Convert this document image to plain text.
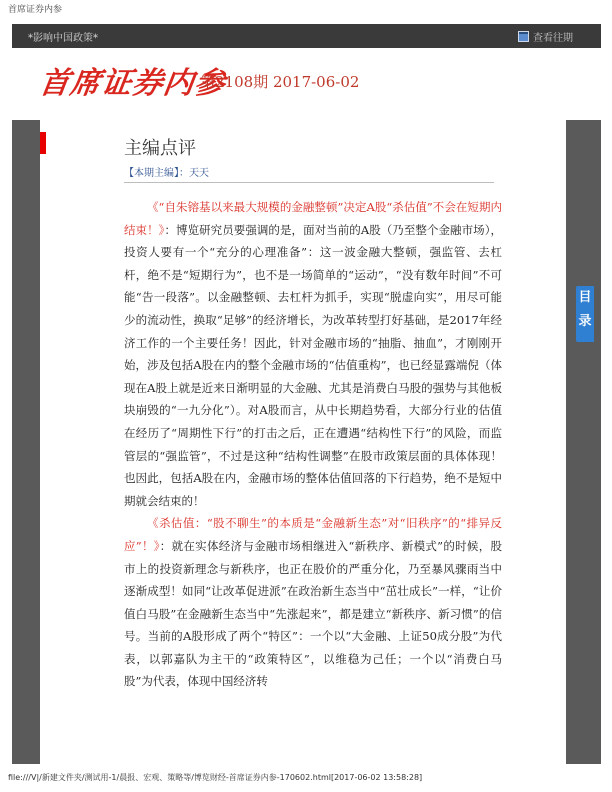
首席证券内参
*影响中国政策*	查看往期
首席证券内参
第2108期 2017-06-02
主编点评
【本期主编】：天天

《“自朱镕基以来最大规模的金融整顿”决定A股“杀估值”不会在短期内结束！》：博览研究员要强调的是，面对当前的A股（乃至整个金融市场），投资人要有一个“充分的心理准备”：这一波金融大整顿，强监管、去杠杆，绝不是“短期行为”，也不是一场简单的“运动”，“没有数年时间”不可能“告一段落”。以金融整顿、去杠杆为抓手，实现“脱虚向实”，用尽可能少的流动性，换取“足够”的经济增长，为改革转型打好基础，是2017年经济工作的一个主要任务！因此，针对金融市场的“抽脂、抽血”，才刚刚开始，涉及包括A股在内的整个金融市场的“估值重构”，也已经显露端倪（体现在A股上就是近来日渐明显的大金融、尤其是消费白马股的强势与其他板块崩毁的“一九分化”）。对A股而言，从中长期趋势看，大部分行业的估值在经历了“周期性下行”的打击之后，正在遭遇“结构性下行”的风险，而监管层的“强监管”，不过是这种“结构性调整”在股市政策层面的具体体现！也因此，包括A股在内，金融市场的整体估值回落的下行趋势，绝不是短中期就会结束的！

《杀估值：“股不聊生”的本质是“金融新生态”对“旧秩序”的“排异反应”！》：就在实体经济与金融市场相继进入“新秩序、新模式”的时候，股市上的投资新理念与新秩序，也正在股价的严重分化，乃至暴风骤雨当中逐渐成型！如同“让改革促进派”在政治新生态当中“茁壮成长”一样，“让价值白马股”在金融新生态当中“先涨起来”，都是建立“新秩序、新习惯”的信号。当前的A股形成了两个“特区”：一个以“大金融、上证50成分股”为代表，以郭嘉队为主干的“政策特区”，以维稳为己任；一个以“消费白马股”为代表，体现中国经济转

目录
file:///V|/新建文件夹/测试用-1/晨报、宏观、策略等/博览财经-首席证券内参-170602.html[2017-06-02 13:58:28]
